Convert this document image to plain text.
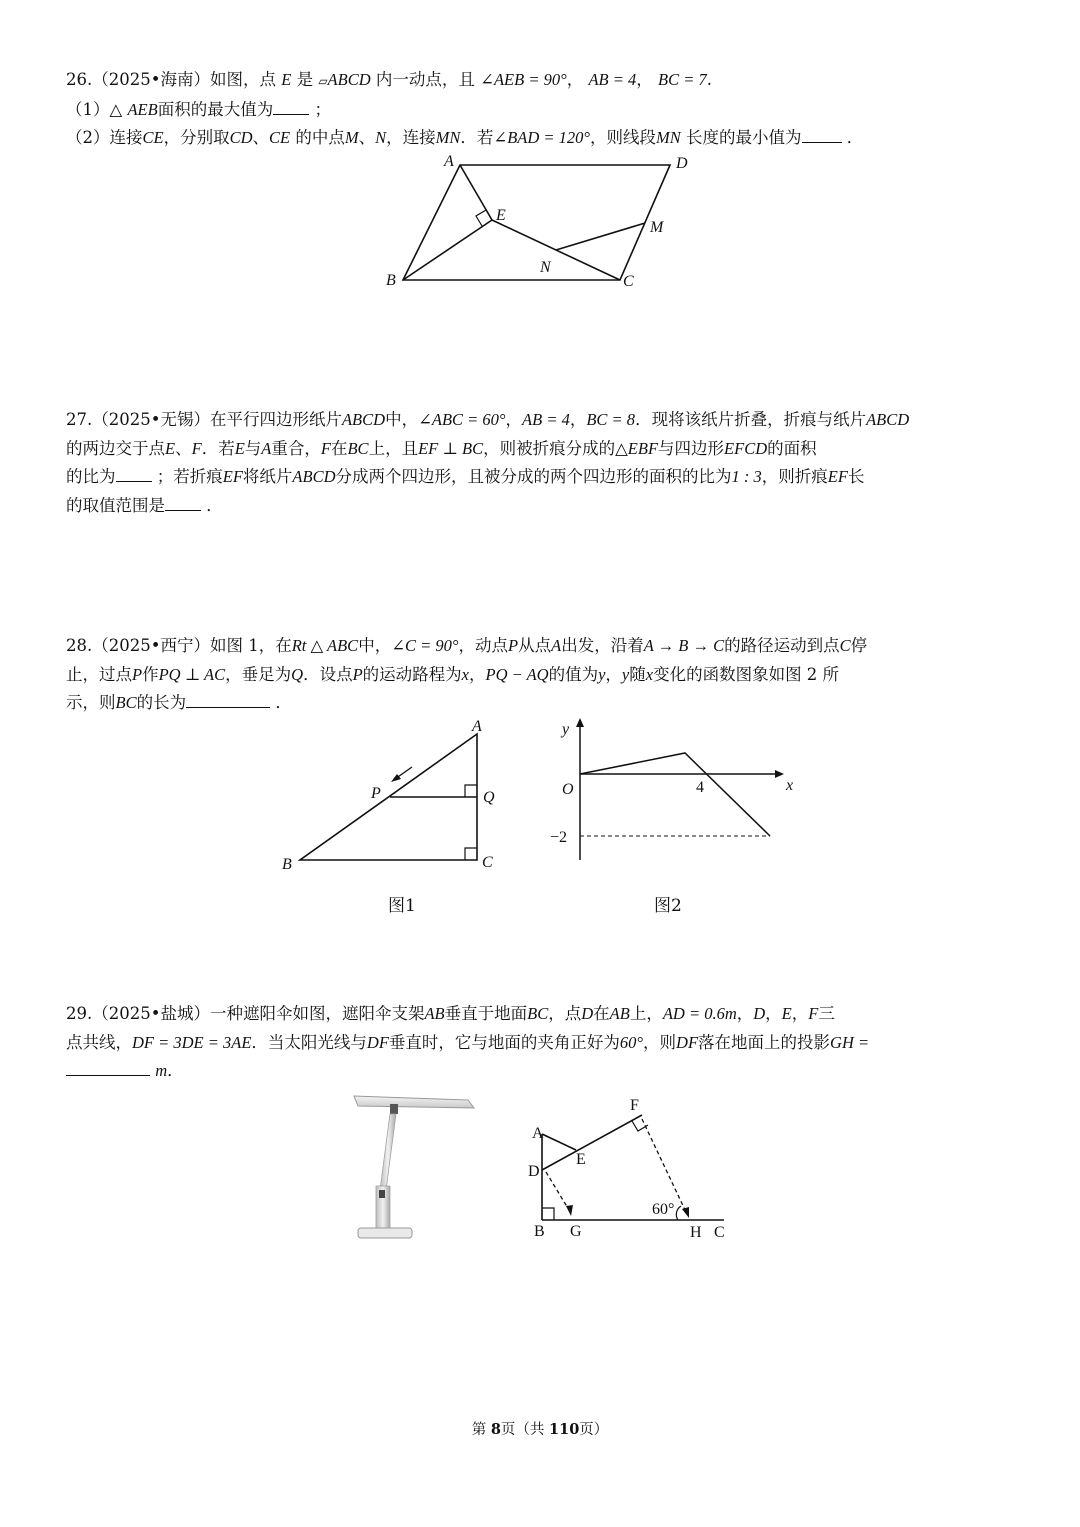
26.（2025•海南）如图，点 E 是 ▱ABCD 内一动点，且 ∠AEB = 90°， AB = 4， BC = 7.

（1）△ AEB面积的最大值为	；

（2）连接CE，分别取CD、CE 的中点M、N，连接MN．若∠BAD = 120°，则线段MN 长度的最小值为	．

A	D
B	C
E
M
N

27.（2025•无锡）在平行四边形纸片ABCD中，∠ABC = 60°，AB = 4，BC = 8．现将该纸片折叠，折痕与纸片ABCD

的两边交于点E、F．若E与A重合，F在BC上，且EF ⊥ BC，则被折痕分成的△EBF与四边形EFCD的面积

的比为	；若折痕EF将纸片ABCD分成两个四边形，且被分成的两个四边形的面积的比为1 : 3，则折痕EF长

的取值范围是	．

28.（2025•西宁）如图 1，在Rt △ ABC中，∠C = 90°，动点P从点A出发，沿着A → B → C的路径运动到点C停

止，过点P作PQ ⊥ AC，垂足为Q．设点P的运动路程为x，PQ − AQ的值为y，y随x变化的函数图象如图 2 所

示，则BC的长为	．

A
B	C
P	Q
y
x
O	4
−2
图1	图2

29.（2025•盐城）一种遮阳伞如图，遮阳伞支架AB垂直于地面BC，点D在AB上，AD = 0.6m，D，E，F三

点共线，DF = 3DE = 3AE．当太阳光线与DF垂直时，它与地面的夹角正好为60°，则DF落在地面上的投影GH =

m．

A
D
E
F
B G	H C
60°
第 8页（共 110页）
